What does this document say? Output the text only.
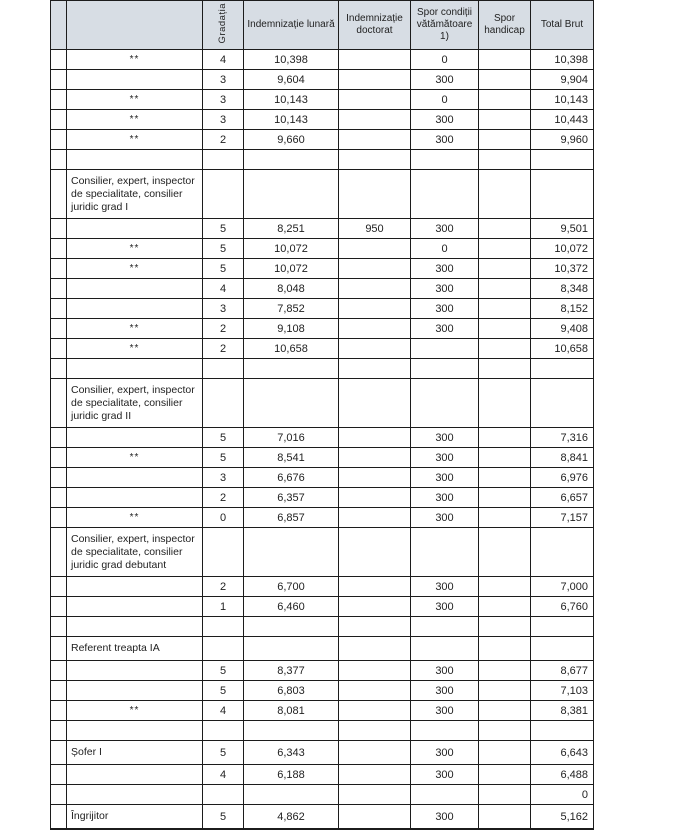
		Gradația	Indemnizație lunară	Indemnizație doctorat	Spor condiții vătămătoare 1)	Spor handicap	Total Brut
	**	4	10,398		0		10,398
		3	9,604		300		9,904
	**	3	10,143		0		10,143
	**	3	10,143		300		10,443
	**	2	9,660		300		9,960

	Consilier, expert, inspector de specialitate, consilier juridic grad I						
		5	8,251	950	300		9,501
	**	5	10,072		0		10,072
	**	5	10,072		300		10,372
		4	8,048		300		8,348
		3	7,852		300		8,152
	**	2	9,108		300		9,408
	**	2	10,658				10,658

	Consilier, expert, inspector de specialitate, consilier juridic grad II						
		5	7,016		300		7,316
	**	5	8,541		300		8,841
		3	6,676		300		6,976
		2	6,357		300		6,657
	**	0	6,857		300		7,157
	Consilier, expert, inspector de specialitate, consilier juridic grad debutant						
		2	6,700		300		7,000
		1	6,460		300		6,760

	Referent treapta IA						
		5	8,377		300		8,677
		5	6,803		300		7,103
	**	4	8,081		300		8,381

	Șofer I	5	6,343		300		6,643
		4	6,188		300		6,488
							0
	Îngrijitor	5	4,862		300		5,162
